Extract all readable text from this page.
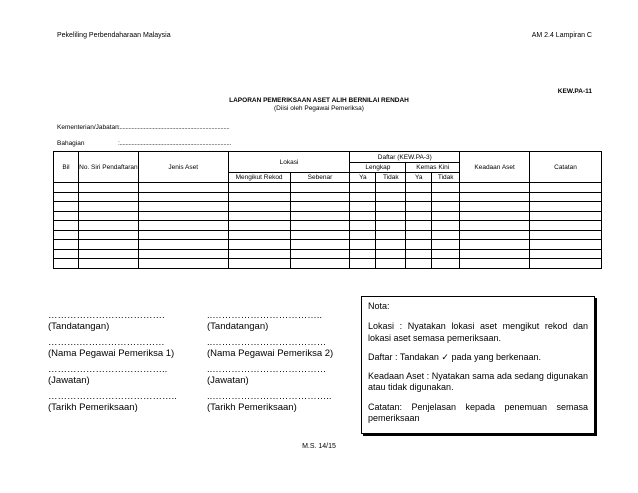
Pekeliling Perbendaharaan Malaysia	AM 2.4 Lampiran C
KEW.PA-11
LAPORAN PEMERIKSAAN ASET ALIH BERNILAI RENDAH
(Diisi oleh Pegawai Pemeriksa)
Kementerian/Jabatan :.........................................................................
Bahagian	:..........................................................................
Bil	No. Siri Pendaftaran	Jenis Aset	Lokasi		Daftar (KEW.PA-3)				Keadaan Aset	Catatan
					Lengkap		Kemas Kini			
			Mengikut Rekod	Sebenar	Ya	Tidak	Ya	Tidak		

……………………………….
(Tandatangan)
……….………………………
(Nama Pegawai Pemeriksa 1)
………………………………..
(Jawatan)
…………………………………..
(Tarikh Pemeriksaan)
..……………………………..
(Tandatangan)
..………………………………
(Nama Pegawai Pemeriksa 2)
..………………………………
(Jawatan)
..………………………………..
(Tarikh Pemeriksaan)

Nota:

Lokasi : Nyatakan lokasi aset mengikut rekod dan lokasi aset semasa pemeriksaan.

Daftar : Tandakan ✓ pada yang berkenaan.

Keadaan Aset : Nyatakan sama ada sedang digunakan atau tidak digunakan.

Catatan: Penjelasan kepada penemuan semasa pemeriksaan

M.S. 14/15
